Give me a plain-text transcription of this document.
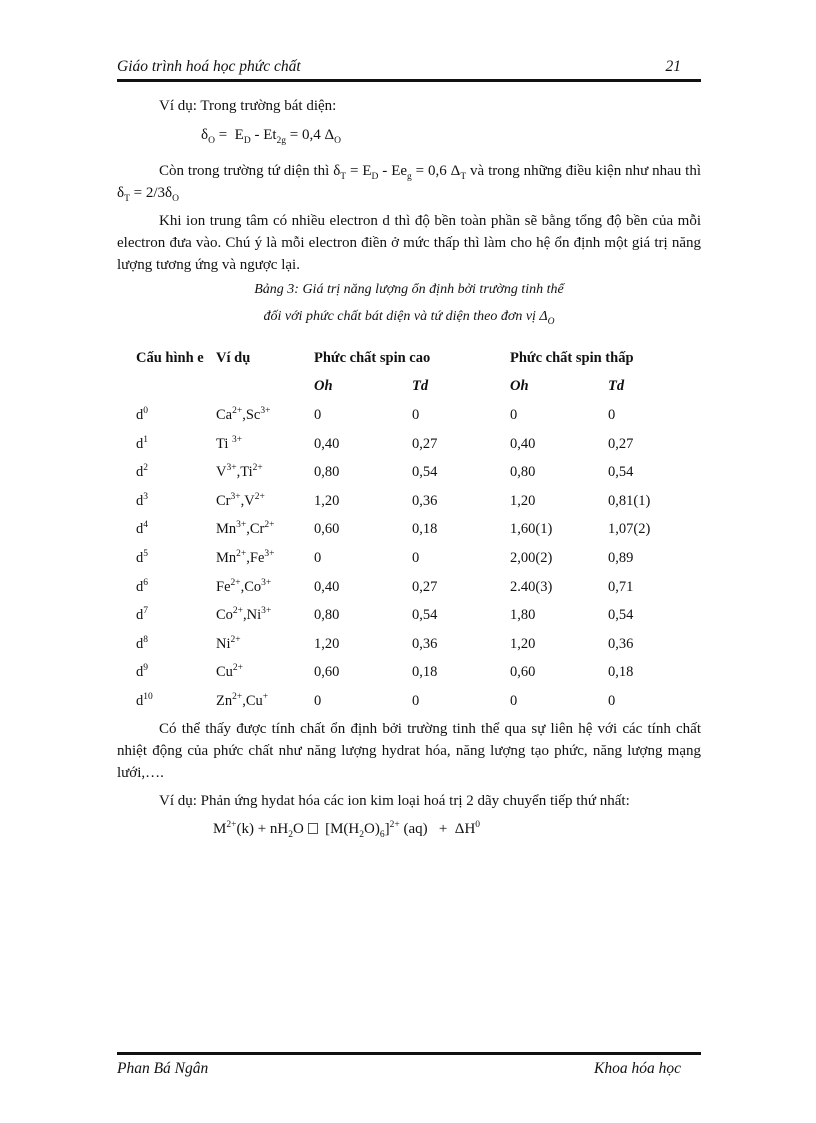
Giáo trình hoá học phức chất	21
Ví dụ: Trong trường bát diện:
$\delta_O = E_D - Et_{2g} = 0,4$ $\Delta_O$
Còn trong trường tứ diện thì $\delta_T = E_D - Ee_g = 0,6$ $\Delta_T$ và trong những điều kiện như nhau thì   $\delta_T = 2/3\delta_O$
Khi ion trung tâm có nhiều electron d thì độ bền toàn phần sẽ bằng tổng độ bền của mỗi electron đưa vào. Chú ý là mỗi electron điền ở mức thấp thì làm cho hệ ổn định một giá trị năng lượng tương ứng và ngược lại.
Bảng 3: Giá trị năng lượng ổn định bởi trường tinh thể
đối với phức chất bát diện và tứ diện theo đơn vị $\Delta_O$
Cấu hình e	Ví dụ	Phức chất spin cao		Phức chất spin thấp	
		Oh	Td	Oh	Td
$d^0$	$Ca^{2+},Sc^{3+}$	0	0	0	0
$d^1$	Ti $^{3+}$	0,40	0,27	0,40	0,27
$d^2$	$V^{3+},Ti^{2+}$	0,80	0,54	0,80	0,54
$d^3$	$Cr^{3+},V^{2+}$	1,20	0,36	1,20	0,81(1)
$d^4$	$Mn^{3+},Cr^{2+}$	0,60	0,18	1,60(1)	1,07(2)
$d^5$	$Mn^{2+},Fe^{3+}$	0	0	2,00(2)	0,89
$d^6$	$Fe^{2+},Co^{3+}$	0,40	0,27	2.40(3)	0,71
$d^7$	$Co^{2+},Ni^{3+}$	0,80	0,54	1,80	0,54
$d^8$	$Ni^{2+}$	1,20	0,36	1,20	0,36
$d^9$	$Cu^{2+}$	0,60	0,18	0,60	0,18
$d^{10}$	$Zn^{2+},Cu^+$	0	0	0	0
Có thể thấy được tính chất ổn định bởi trường tinh thể qua sự liên hệ với các tính chất nhiệt động của phức chất như năng lượng hydrat hóa, năng lượng tạo phức, năng lượng mạng lưới,….
Ví dụ: Phản ứng hydat hóa các ion kim loại hoá trị 2 dãy chuyển tiếp thứ nhất:
$M^{2+}(k) + nH_2O$   $[M(H_2O)_6]^{2+}$ $(aq) + \Delta H^0$
Phan Bá Ngân	Khoa hóa học
